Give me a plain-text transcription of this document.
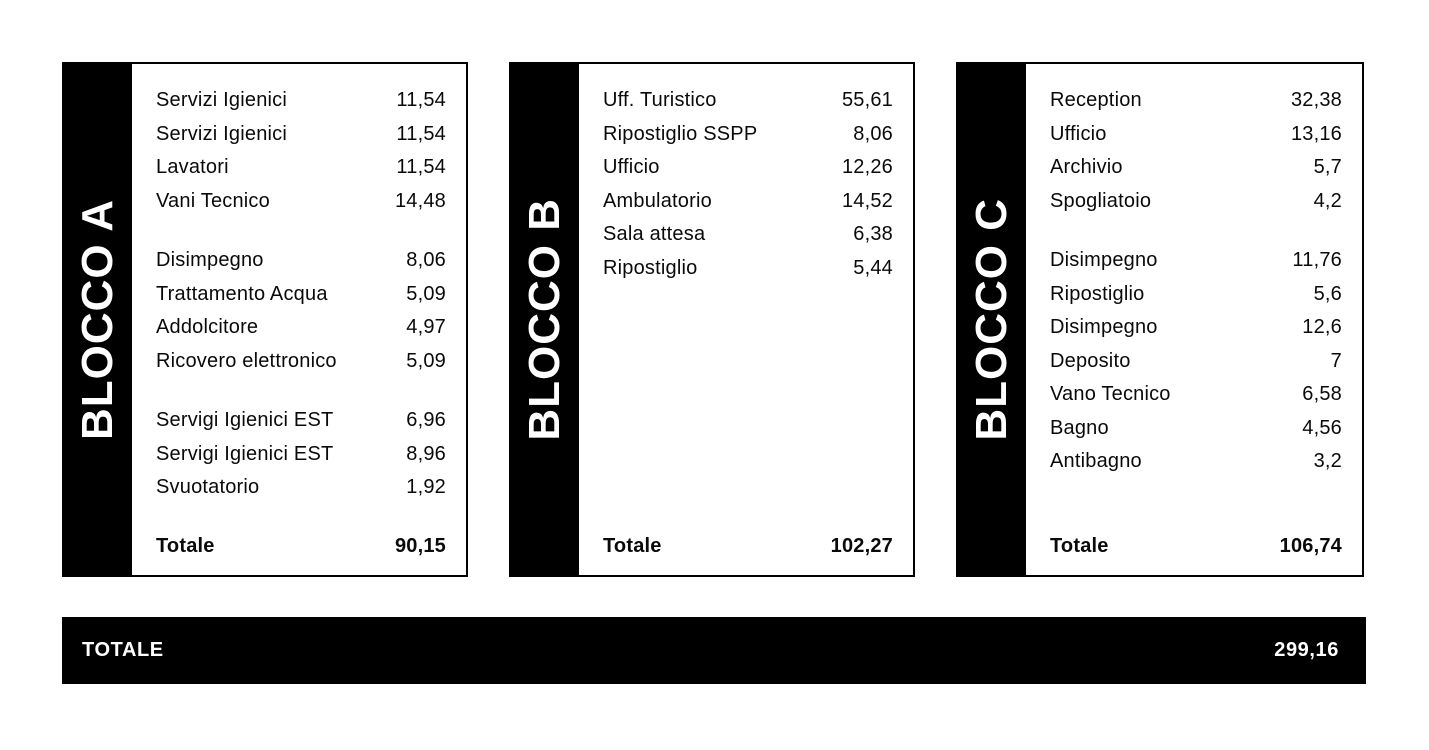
BLOCCO A
Servizi Igienici	11,54
Servizi Igienici	11,54
Lavatori	11,54
Vani Tecnico	14,48
Disimpegno	8,06
Trattamento Acqua	5,09
Addolcitore	4,97
Ricovero elettronico	5,09
Servigi Igienici EST	6,96
Servigi Igienici EST	8,96
Svuotatorio	1,92
Totale	90,15
BLOCCO B
Uff. Turistico	55,61
Ripostiglio SSPP	8,06
Ufficio	12,26
Ambulatorio	14,52
Sala attesa	6,38
Ripostiglio	5,44
Totale	102,27
BLOCCO C
Reception	32,38
Ufficio	13,16
Archivio	5,7
Spogliatoio	4,2
Disimpegno	11,76
Ripostiglio	5,6
Disimpegno	12,6
Deposito	7
Vano Tecnico	6,58
Bagno	4,56
Antibagno	3,2
Totale	106,74
TOTALE	299,16
